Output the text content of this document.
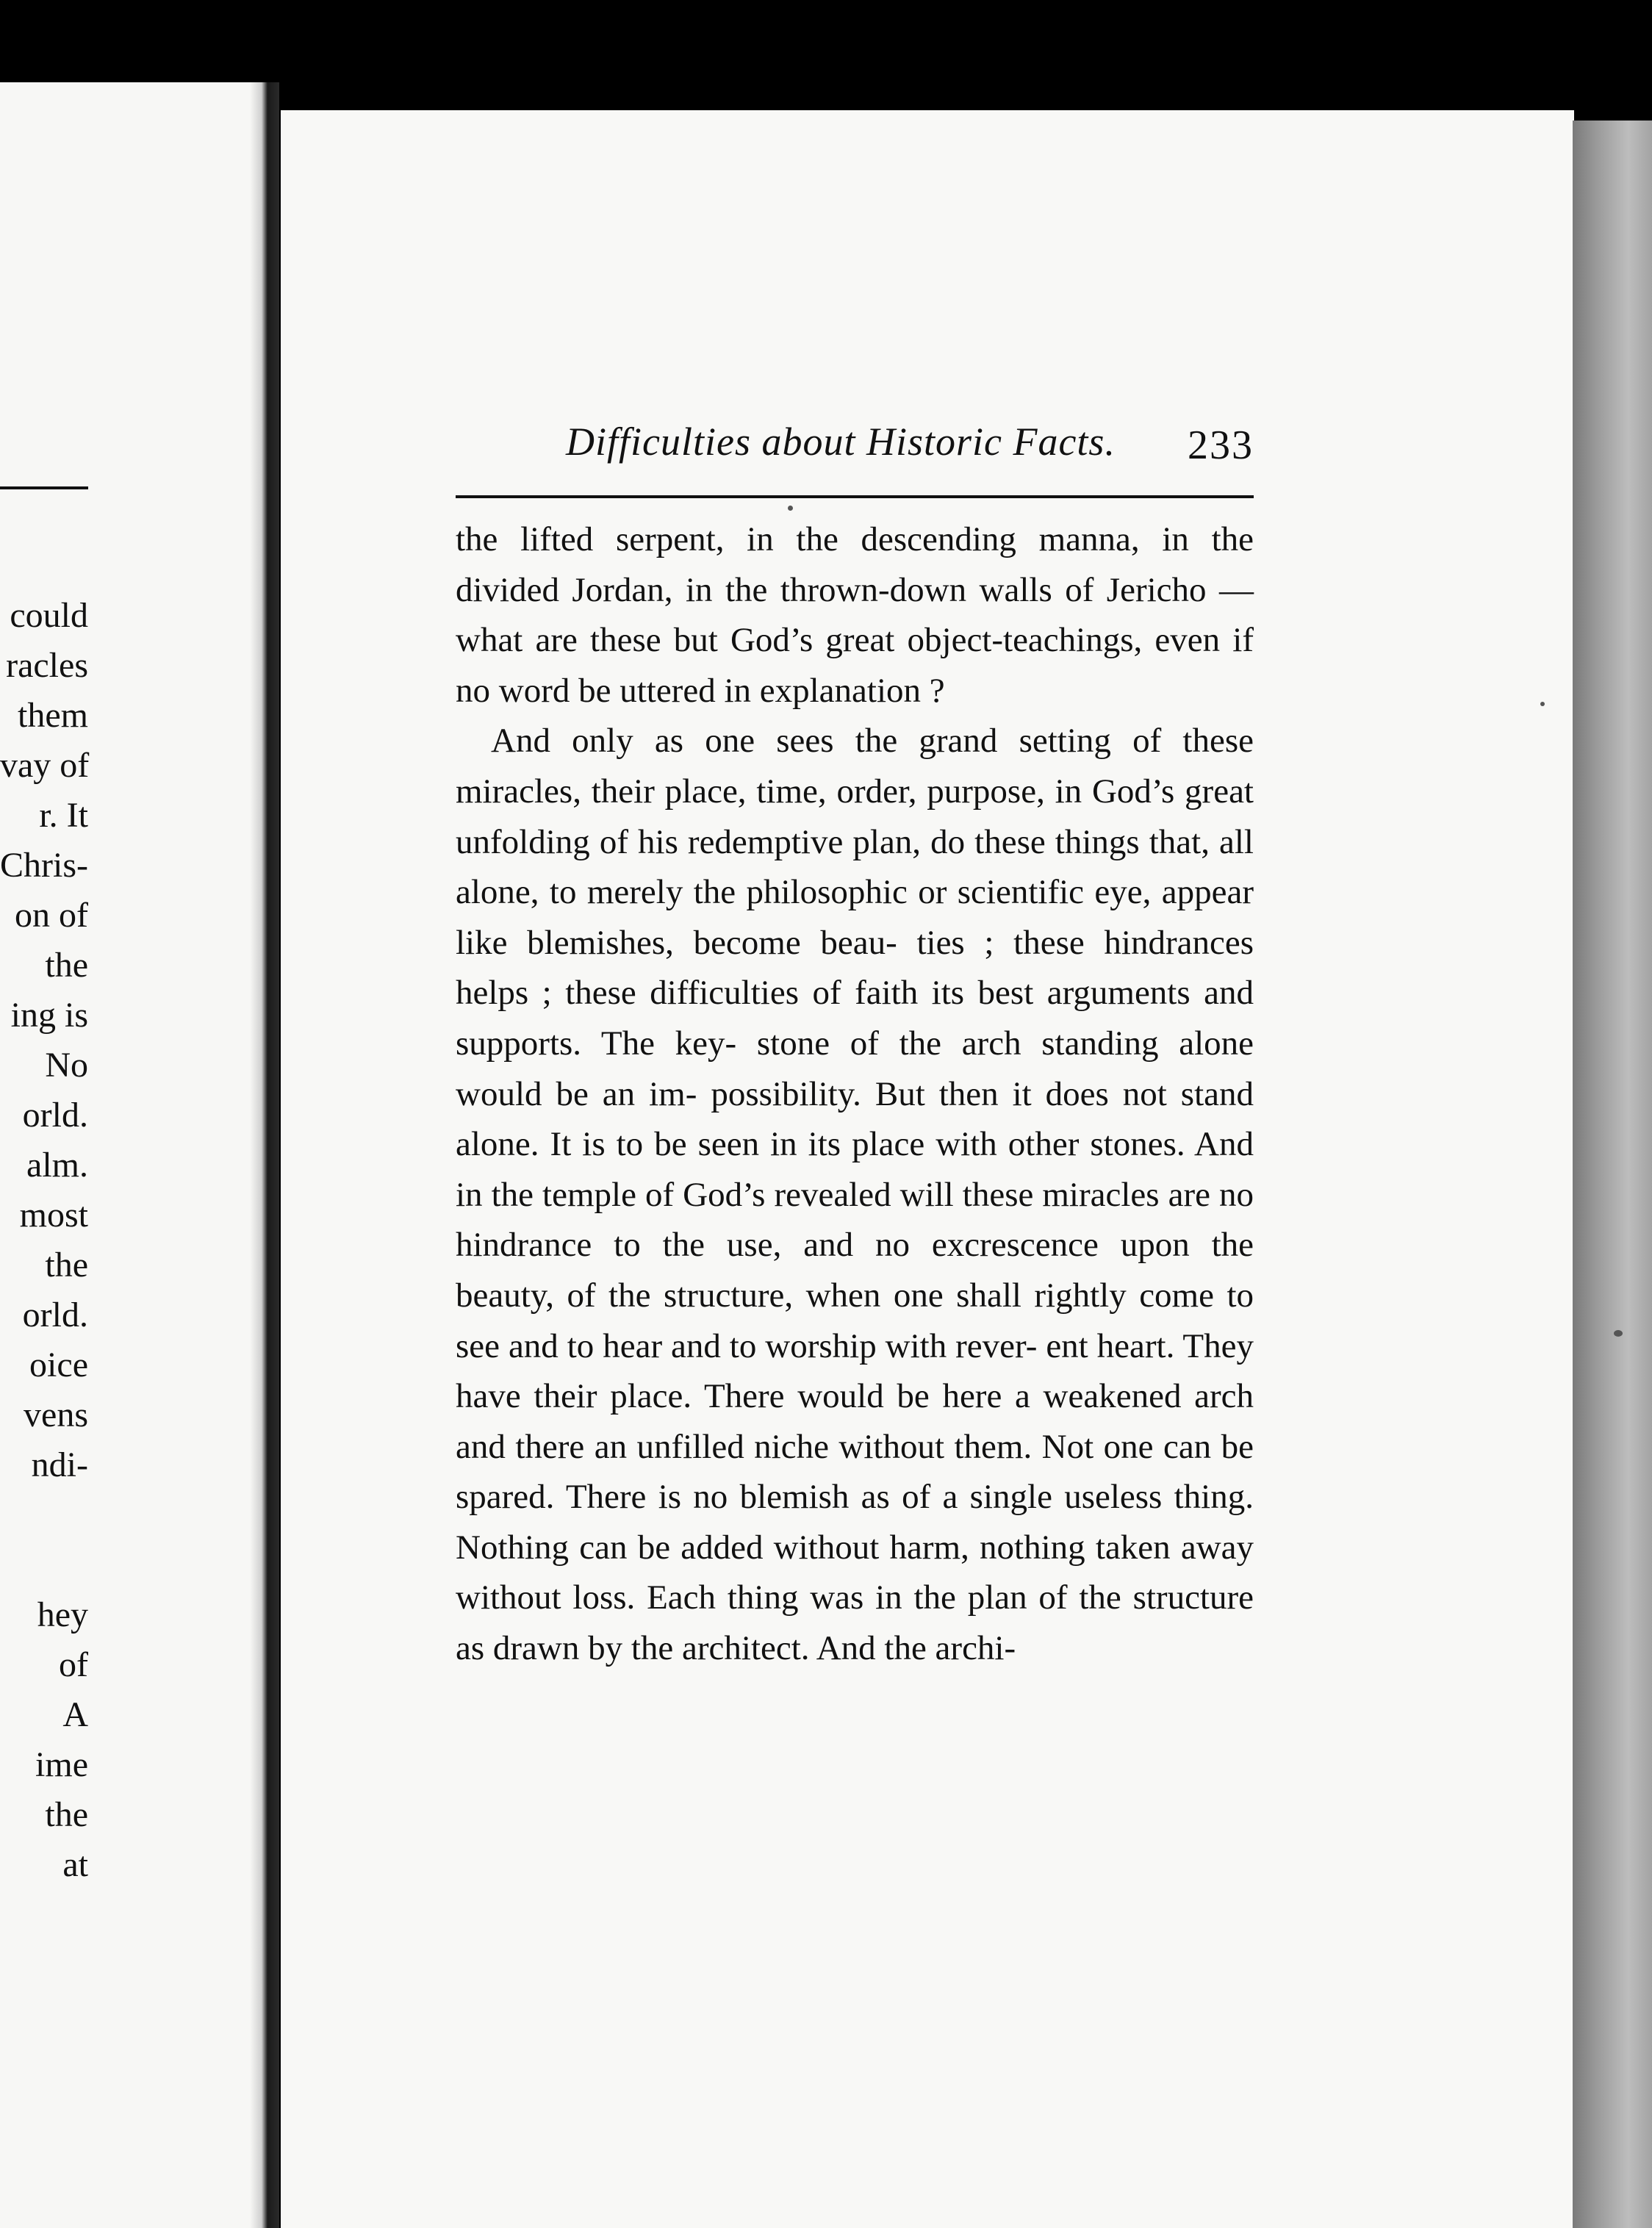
could
racles
them
vay of
r. It
Chris-
on of
the
ing is
No
orld.
alm.
most
the
orld.
oice
vens
ndi-
hey
of
A
ime
the
at
Difficulties about Historic Facts. 233

the lifted serpent, in the descending manna, in the divided Jordan, in the thrown-down walls of Jericho —what are these but God’s great object-teachings, even if no word be uttered in explanation ?

And only as one sees the grand setting of these miracles, their place, time, order, purpose, in God’s great unfolding of his redemptive plan, do these things that, all alone, to merely the philosophic or scientific eye, appear like blemishes, become beau- ties ; these hindrances helps ; these difficulties of faith its best arguments and supports. The key- stone of the arch standing alone would be an im- possibility. But then it does not stand alone. It is to be seen in its place with other stones. And in the temple of God’s revealed will these miracles are no hindrance to the use, and no excrescence upon the beauty, of the structure, when one shall rightly come to see and to hear and to worship with rever- ent heart. They have their place. There would be here a weakened arch and there an unfilled niche without them. Not one can be spared. There is no blemish as of a single useless thing. Nothing can be added without harm, nothing taken away without loss. Each thing was in the plan of the structure as drawn by the architect. And the archi-
